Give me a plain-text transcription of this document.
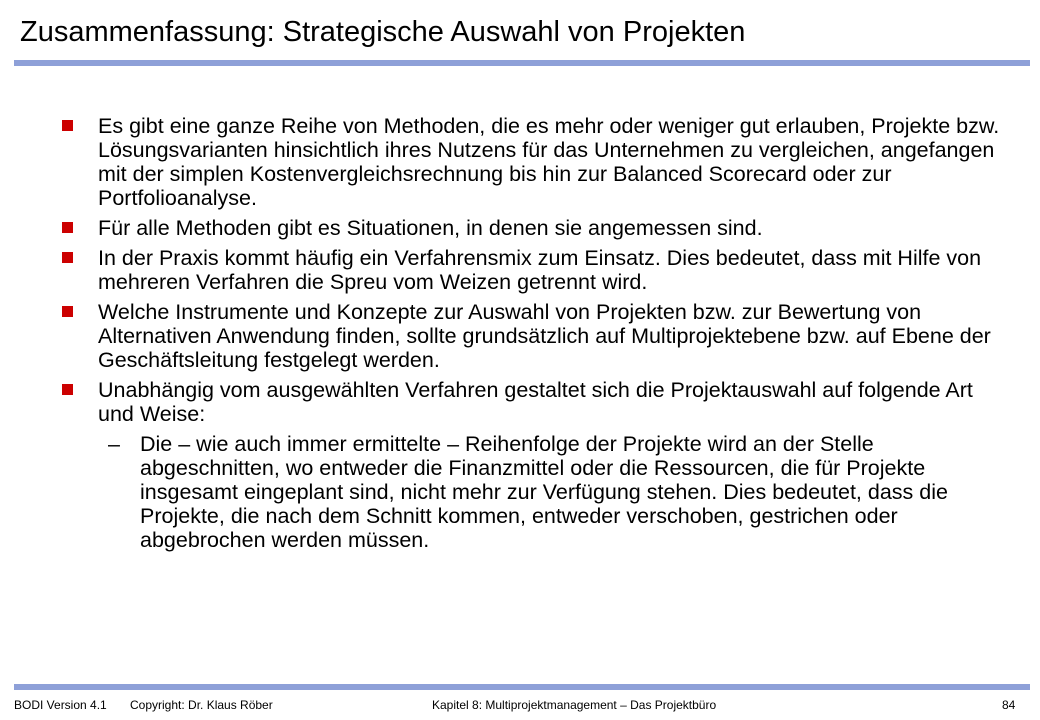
Zusammenfassung: Strategische Auswahl von Projekten
Es gibt eine ganze Reihe von Methoden, die es mehr oder weniger gut erlauben, Projekte bzw. Lösungsvarianten hinsichtlich ihres Nutzens für das Unternehmen zu vergleichen, angefangen mit der simplen Kostenvergleichsrechnung bis hin zur Balanced Scorecard oder zur Portfolioanalyse.
Für alle Methoden gibt es Situationen, in denen sie angemessen sind.
In der Praxis kommt häufig ein Verfahrensmix zum Einsatz. Dies bedeutet, dass mit Hilfe von mehreren Verfahren die Spreu vom Weizen getrennt wird.
Welche Instrumente und Konzepte zur Auswahl von Projekten bzw. zur Bewertung von Alternativen Anwendung finden, sollte grundsätzlich auf Multiprojektebene bzw. auf Ebene der Geschäftsleitung festgelegt werden.
Unabhängig vom ausgewählten Verfahren gestaltet sich die Projektauswahl auf folgende Art und Weise:
– Die – wie auch immer ermittelte – Reihenfolge der Projekte wird an der Stelle abgeschnitten, wo entweder die Finanzmittel oder die Ressourcen, die für Projekte insgesamt eingeplant sind, nicht mehr zur Verfügung stehen. Dies bedeutet, dass die Projekte, die nach dem Schnitt kommen, entweder verschoben, gestrichen oder abgebrochen werden müssen.
BODI Version 4.1 Copyright: Dr. Klaus Röber	Kapitel 8: Multiprojektmanagement – Das Projektbüro	84
